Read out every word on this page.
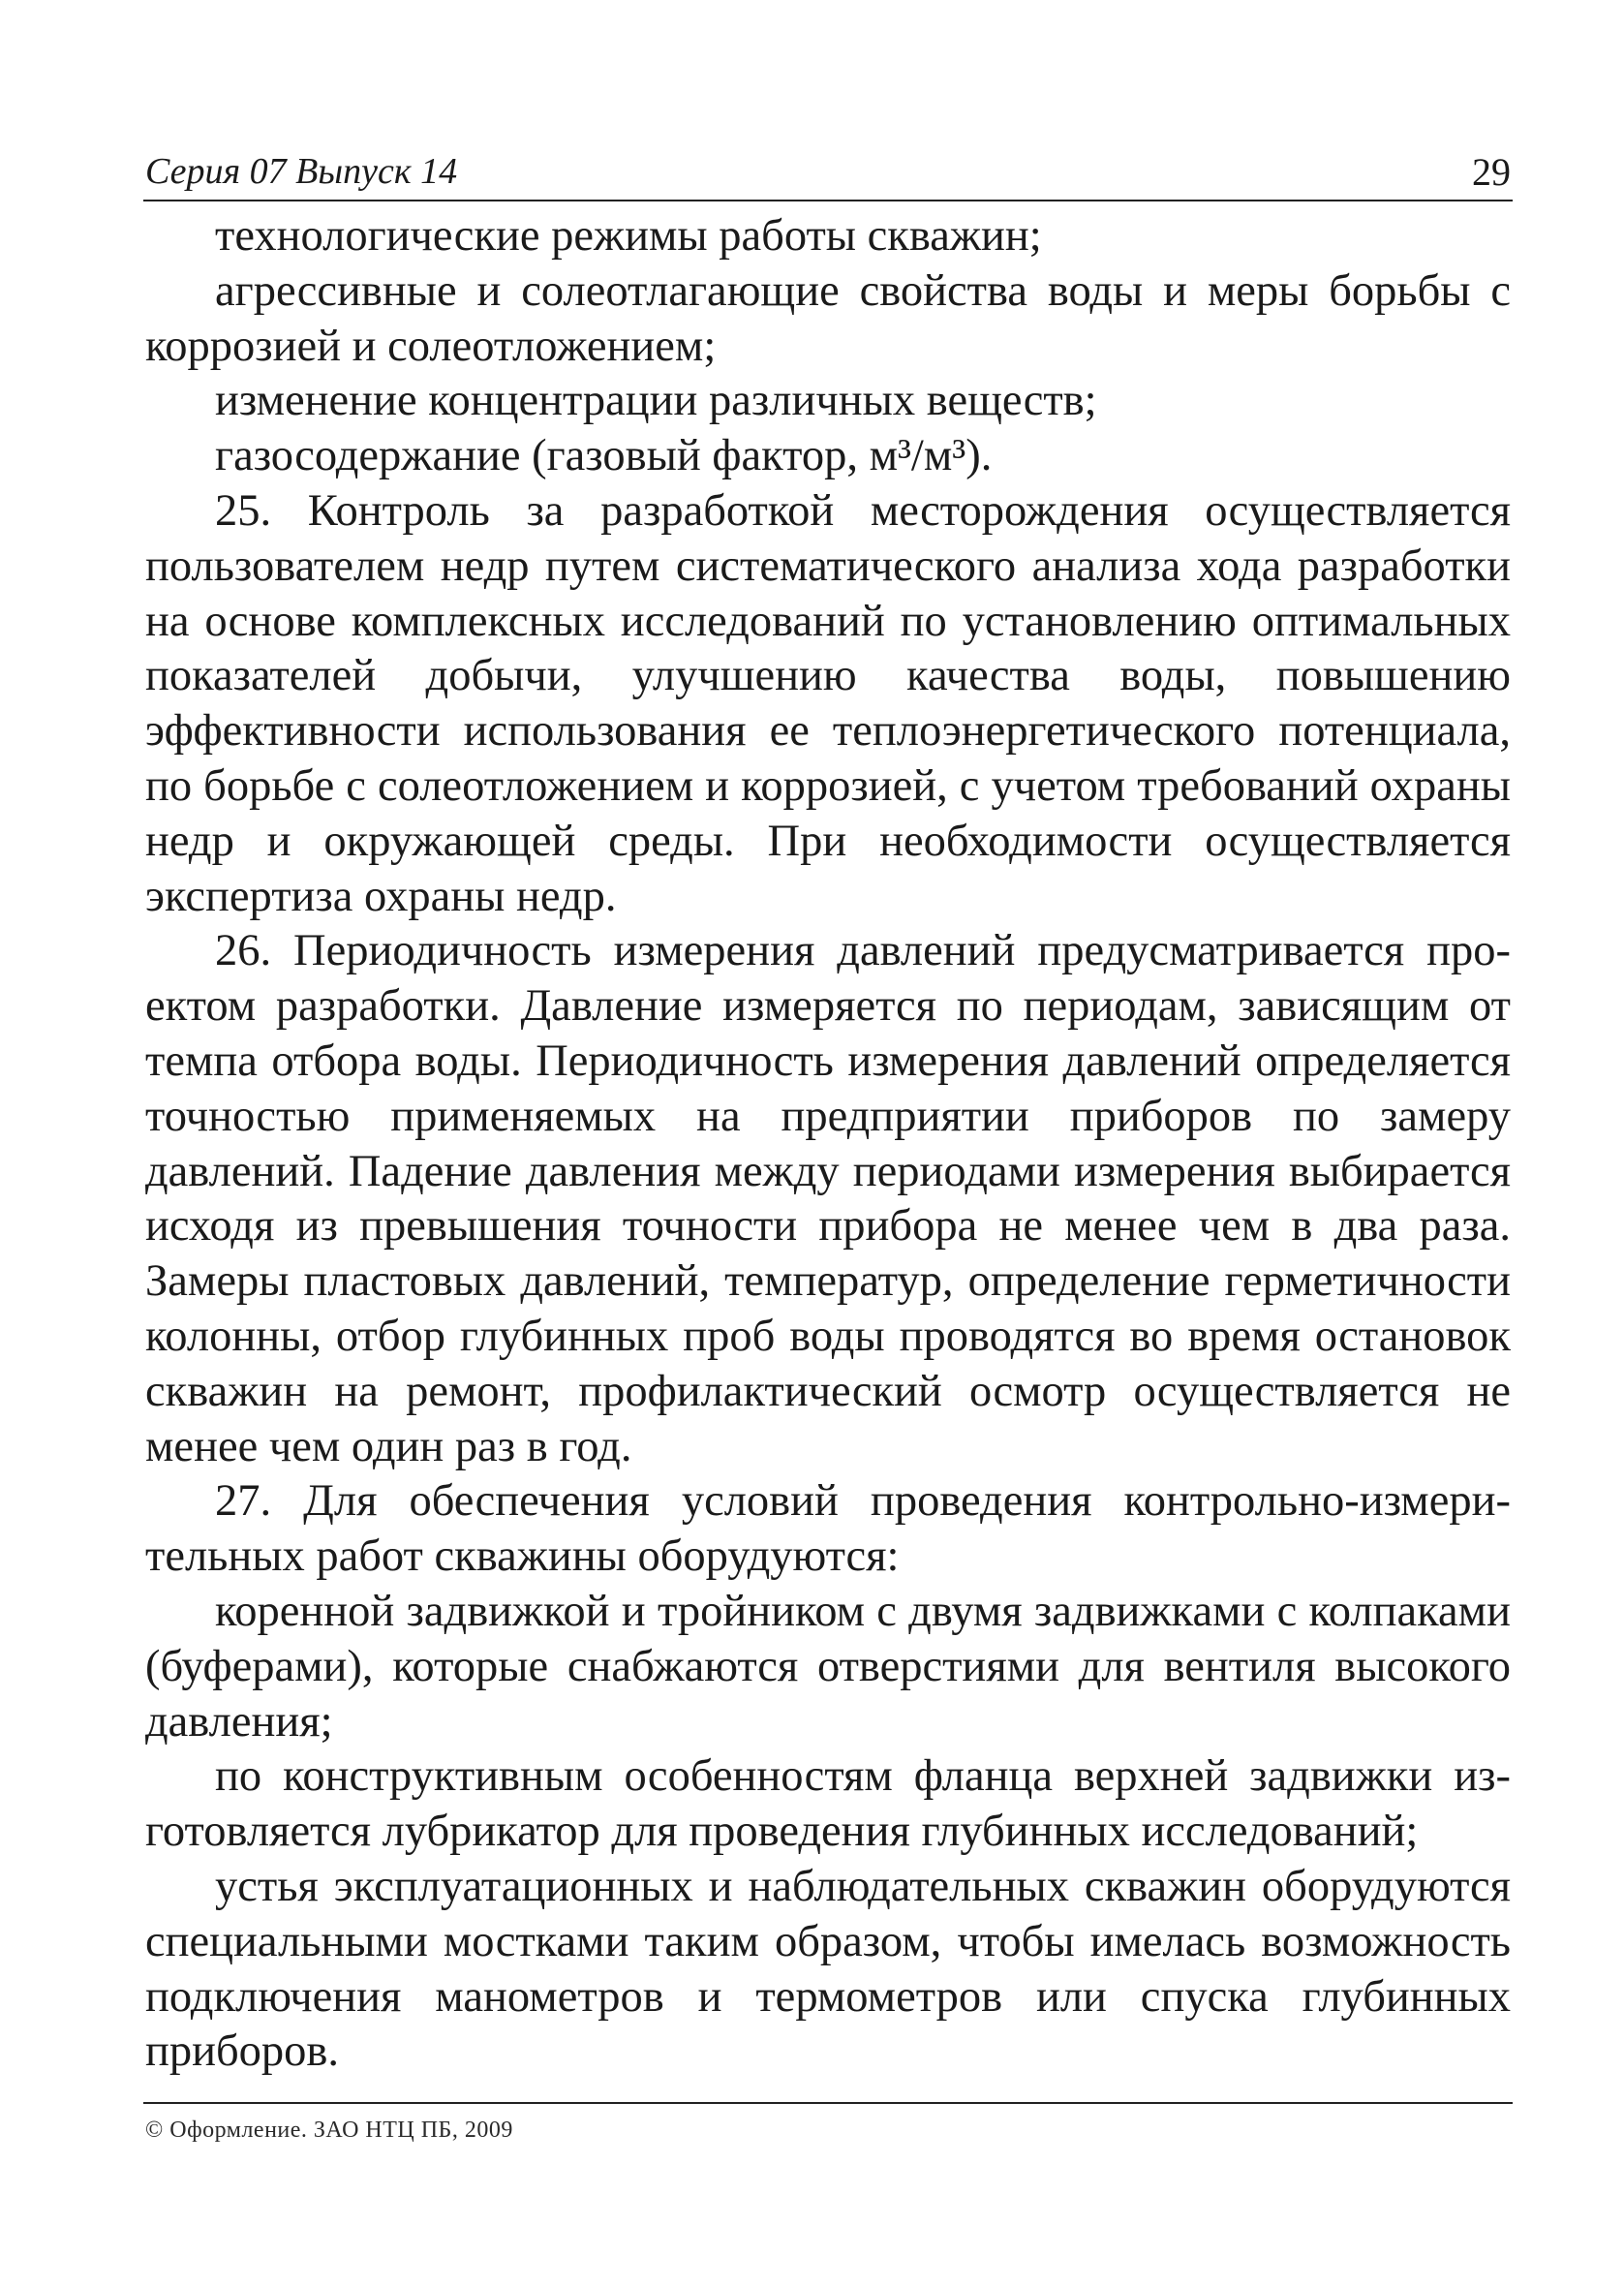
Серия 07 Выпуск 14	29

технологические режимы работы скважин;

агрессивные и солеотлагающие свойства воды и меры борьбы с коррозией и солеотложением;

изменение концентрации различных веществ;

газосодержание (газовый фактор, м³/м³).

25. Контроль за разработкой месторождения осуществляется пользователем недр путем систематического анализа хода разработки на основе комплексных исследований по установлению оптимальных показателей добычи, улучшению качества воды, повышению эффективности использования ее теплоэнергетического потенциала, по борьбе с солеотложением и коррозией, с учетом требований охраны недр и окружающей среды. При необходимости осуществляется экспертиза охраны недр.

26. Периодичность измерения давлений предусматривается проектом разработки. Давление измеряется по периодам, зависящим от темпа отбора воды. Периодичность измерения давлений определяется точностью применяемых на предприятии приборов по замеру давлений. Падение давления между периодами измерения выбирается исходя из превышения точности прибора не менее чем в два раза. Замеры пластовых давлений, температур, определение герметичности колонны, отбор глубинных проб воды проводятся во время остановок скважин на ремонт, профилактический осмотр осуществляется не менее чем один раз в год.

27. Для обеспечения условий проведения контрольно-измерительных работ скважины оборудуются:

коренной задвижкой и тройником с двумя задвижками с колпаками (буферами), которые снабжаются отверстиями для вентиля высокого давления;

по конструктивным особенностям фланца верхней задвижки изготовляется лубрикатор для проведения глубинных исследований;

устья эксплуатационных и наблюдательных скважин оборудуются специальными мостками таким образом, чтобы имелась возможность подключения манометров и термометров или спуска глубинных приборов.

© Оформление. ЗАО НТЦ ПБ, 2009
